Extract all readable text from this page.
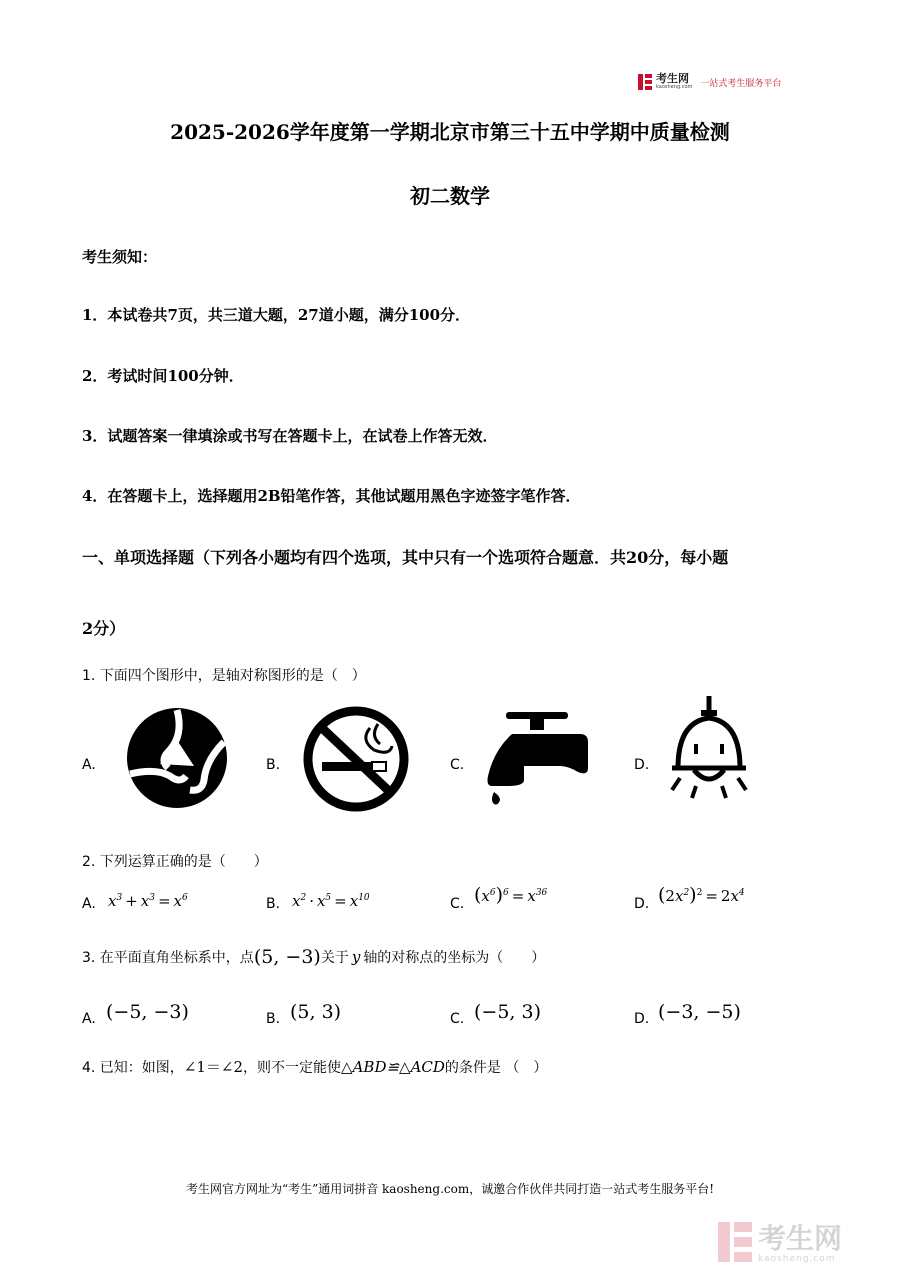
考生网
kaosheng.com 一站式考生服务平台
2025-2026学年度第一学期北京市第三十五中学期中质量检测
初二数学
考生须知：
1．本试卷共7页，共三道大题，27道小题，满分100分．
2．考试时间100分钟．
3．试题答案一律填涂或书写在答题卡上，在试卷上作答无效．
4．在答题卡上，选择题用2B铅笔作答，其他试题用黑色字迹签字笔作答．
一、单项选择题（下列各小题均有四个选项，其中只有一个选项符合题意．共20分，每小题
2分）
1. 下面四个图形中，是轴对称图形的是（　）
A.	B.	C.	D.
2. 下列运算正确的是（　　）
A. $x^3 + x^3 = x^6$	B. $x^2 \cdot x^5 = x^{10}$	C. $(x^6)^6 = x^{36}$
D. $(2x^2)^2 = 2x^4$
3. 在平面直角坐标系中，点 (5, −3) 关于 y 轴的对称点的坐标为（　　）
A. (−5, −3)	B. (5, 3)	C. (−5, 3)	D. (−3, −5)
4. 已知：如图， ∠1＝∠2 ，则不一定能使 △ABD≌△ACD 的条件是 （　）
考生网官方网址为“考生”通用词拼音 kaosheng.com，诚邀合作伙伴共同打造一站式考生服务平台!
考生网
kaosheng.com
